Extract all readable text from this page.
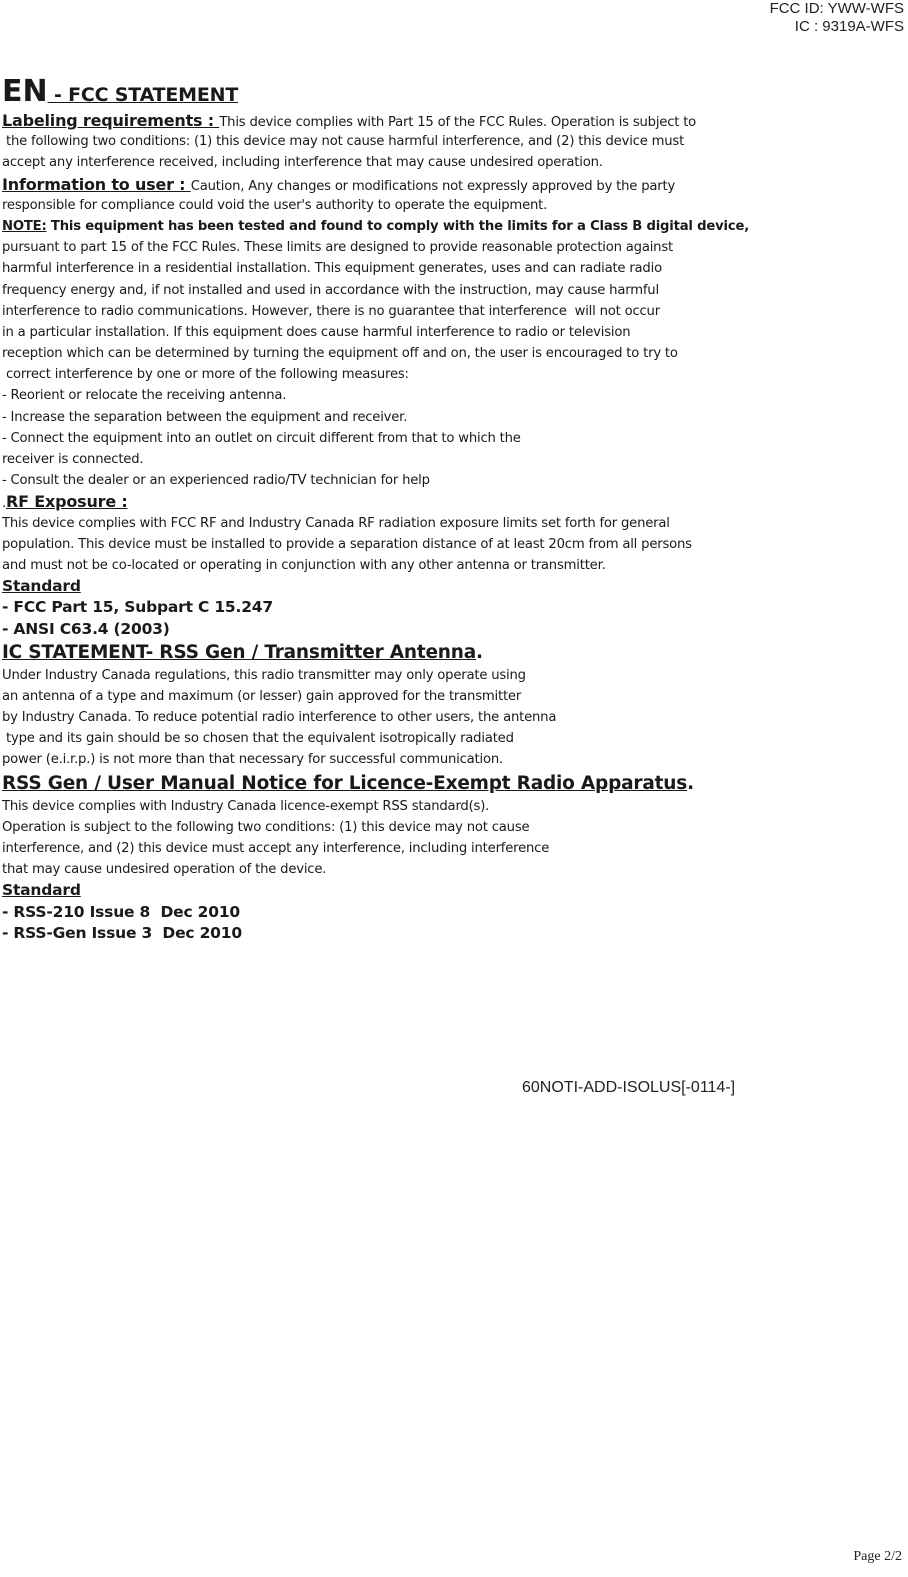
FCC ID: YWW-WFS
IC : 9319A-WFS
EN - FCC STATEMENT
Labeling requirements : This device complies with Part 15 of the FCC Rules. Operation is subject to
the following two conditions: (1) this device may not cause harmful interference, and (2) this device must
accept any interference received, including interference that may cause undesired operation.
Information to user : Caution, Any changes or modifications not expressly approved by the party
responsible for compliance could void the user's authority to operate the equipment.
NOTE: This equipment has been tested and found to comply with the limits for a Class B digital device,
pursuant to part 15 of the FCC Rules. These limits are designed to provide reasonable protection against
harmful interference in a residential installation. This equipment generates, uses and can radiate radio
frequency energy and, if not installed and used in accordance with the instruction, may cause harmful
interference to radio communications. However, there is no guarantee that interference  will not occur
in a particular installation. If this equipment does cause harmful interference to radio or television
reception which can be determined by turning the equipment off and on, the user is encouraged to try to
correct interference by one or more of the following measures:
- Reorient or relocate the receiving antenna.
- Increase the separation between the equipment and receiver.
- Connect the equipment into an outlet on circuit different from that to which the
receiver is connected.
- Consult the dealer or an experienced radio/TV technician for help
.RF Exposure :
This device complies with FCC RF and Industry Canada RF radiation exposure limits set forth for general
population. This device must be installed to provide a separation distance of at least 20cm from all persons
and must not be co-located or operating in conjunction with any other antenna or transmitter.
Standard
- FCC Part 15, Subpart C 15.247
- ANSI C63.4 (2003)
IC STATEMENT- RSS Gen / Transmitter Antenna.
Under Industry Canada regulations, this radio transmitter may only operate using
an antenna of a type and maximum (or lesser) gain approved for the transmitter
by Industry Canada. To reduce potential radio interference to other users, the antenna
type and its gain should be so chosen that the equivalent isotropically radiated
power (e.i.r.p.) is not more than that necessary for successful communication.
RSS Gen / User Manual Notice for Licence-Exempt Radio Apparatus.
This device complies with Industry Canada licence-exempt RSS standard(s).
Operation is subject to the following two conditions: (1) this device may not cause
interference, and (2) this device must accept any interference, including interference
that may cause undesired operation of the device.
Standard
- RSS-210 Issue 8  Dec 2010
- RSS-Gen Issue 3  Dec 2010
60NOTI-ADD-ISOLUS[-0114-]
Page 2/2
